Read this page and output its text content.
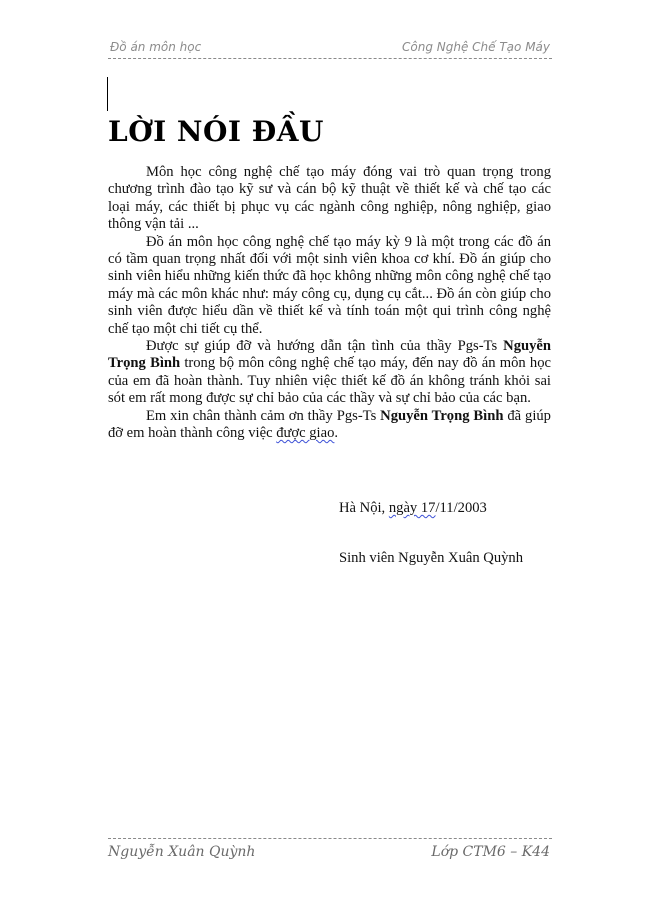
Đồ án môn học	Công Nghệ Chế Tạo Máy
LỜI NÓI ĐẦU

Môn học công nghệ chế tạo máy đóng vai trò quan trọng trong chương trình đào tạo kỹ sư và cán bộ kỹ thuật về thiết kế và chế tạo các loại máy, các thiết bị phục vụ các ngành công nghiệp, nông nghiệp, giao thông vận tải ...

Đồ án môn học công nghệ chế tạo máy kỳ 9 là một trong các đồ án có tầm quan trọng nhất đối với một sinh viên khoa cơ khí. Đồ án giúp cho sinh viên hiểu những kiến thức đã học không những môn công nghệ chế tạo máy mà các môn khác như: máy công cụ, dụng cụ cắt... Đồ án còn giúp cho sinh viên được hiểu dần về thiết kế và tính toán một qui trình công nghệ chế tạo một chi tiết cụ thể.

Được sự giúp đỡ và hướng dẫn tận tình của thầy Pgs-Ts Nguyễn Trọng Bình trong bộ môn công nghệ chế tạo máy, đến nay đồ án môn học của em đã hoàn thành. Tuy nhiên việc thiết kế đồ án không tránh khỏi sai sót em rất mong được sự chỉ bảo của các thầy và sự chỉ bảo của các bạn.

Em xin chân thành cảm ơn thầy Pgs-Ts Nguyễn Trọng Bình đã giúp đỡ em hoàn thành công việc được giao.

Hà Nội, ngày 17/11/2003
Sinh viên Nguyễn Xuân Quỳnh
Nguyễn Xuân Quỳnh	Lớp CTM6 – K44
